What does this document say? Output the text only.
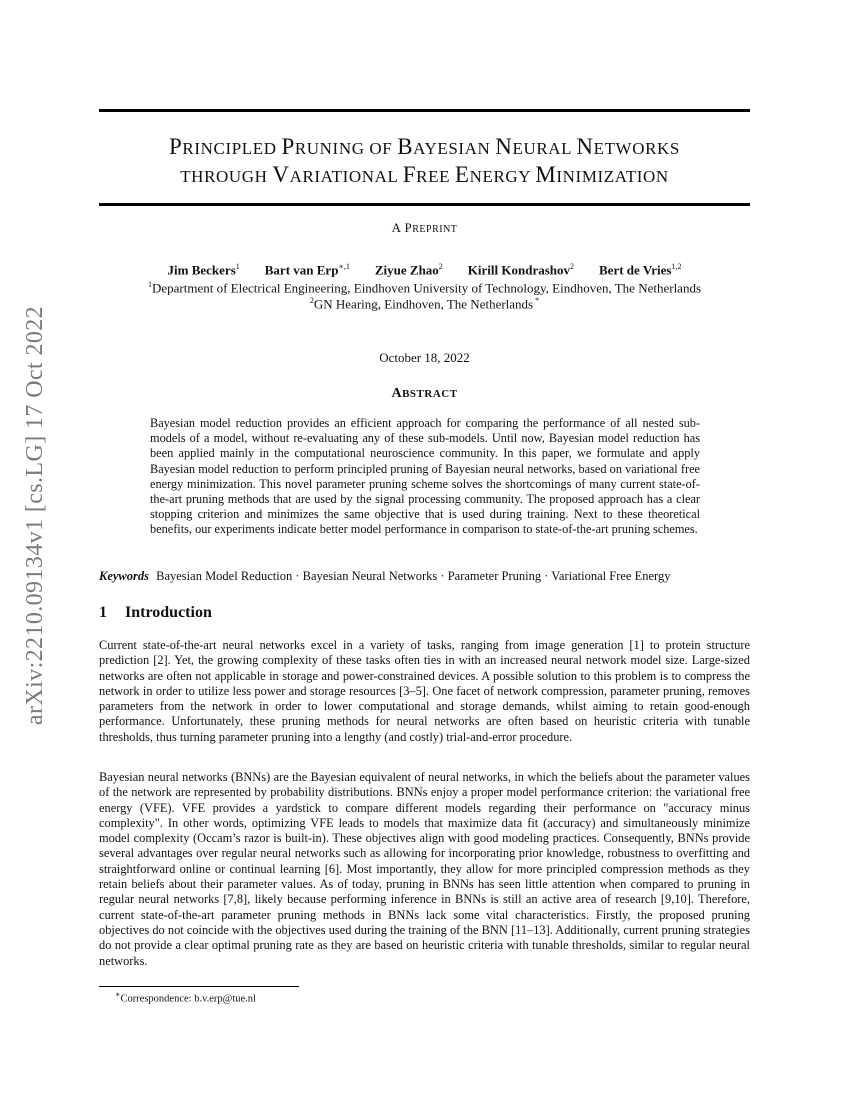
PRINCIPLED PRUNING OF BAYESIAN NEURAL NETWORKS
THROUGH VARIATIONAL FREE ENERGY MINIMIZATION
A PREPRINT
Jim Beckers$^1$ Bart van Erp$^{∗,1}$ Ziyue Zhao$^2$ Kirill Kondrashov$^2$ Bert de Vries$^{1,2}$
$^1$Department of Electrical Engineering, Eindhoven University of Technology, Eindhoven, The Netherlands
$^2$GN Hearing, Eindhoven, The Netherlands *
October 18, 2022
ABSTRACT

Bayesian model reduction provides an efficient approach for comparing the performance of all nested sub-models of a model, without re-evaluating any of these sub-models. Until now, Bayesian model reduction has been applied mainly in the computational neuroscience community. In this paper, we formulate and apply Bayesian model reduction to perform principled pruning of Bayesian neural networks, based on variational free energy minimization. This novel parameter pruning scheme solves the shortcomings of many current state-of-the-art pruning methods that are used by the signal processing community. The proposed approach has a clear stopping criterion and minimizes the same objective that is used during training. Next to these theoretical benefits, our experiments indicate better model performance in comparison to state-of-the-art pruning schemes.

Keywords Bayesian Model Reduction · Bayesian Neural Networks · Parameter Pruning · Variational Free Energy
1 Introduction

Current state-of-the-art neural networks excel in a variety of tasks, ranging from image generation [1] to protein structure prediction [2]. Yet, the growing complexity of these tasks often ties in with an increased neural network model size. Large-sized networks are often not applicable in storage and power-constrained devices. A possible solution to this problem is to compress the network in order to utilize less power and storage resources [3–5]. One facet of network compression, parameter pruning, removes parameters from the network in order to lower computational and storage demands, whilst aiming to retain good-enough performance. Unfortunately, these pruning methods for neural networks are often based on heuristic criteria with tunable thresholds, thus turning parameter pruning into a lengthy (and costly) trial-and-error procedure.

Bayesian neural networks (BNNs) are the Bayesian equivalent of neural networks, in which the beliefs about the parameter values of the network are represented by probability distributions. BNNs enjoy a proper model performance criterion: the variational free energy (VFE). VFE provides a yardstick to compare different models regarding their performance on "accuracy minus complexity". In other words, optimizing VFE leads to models that maximize data fit (accuracy) and simultaneously minimize model complexity (Occam’s razor is built-in). These objectives align with good modeling practices. Consequently, BNNs provide several advantages over regular neural networks such as allowing for incorporating prior knowledge, robustness to overfitting and straightforward online or continual learning [6]. Most importantly, they allow for more principled compression methods as they retain beliefs about their parameter values. As of today, pruning in BNNs has seen little attention when compared to pruning in regular neural networks [7,8], likely because performing inference in BNNs is still an active area of research [9,10]. Therefore, current state-of-the-art parameter pruning methods in BNNs lack some vital characteristics. Firstly, the proposed pruning objectives do not coincide with the objectives used during the training of the BNN [11–13]. Additionally, current pruning strategies do not provide a clear optimal pruning rate as they are based on heuristic criteria with tunable thresholds, similar to regular neural networks.

∗Correspondence: b.v.erp@tue.nl
arXiv:2210.09134v1 [cs.LG] 17 Oct 2022
